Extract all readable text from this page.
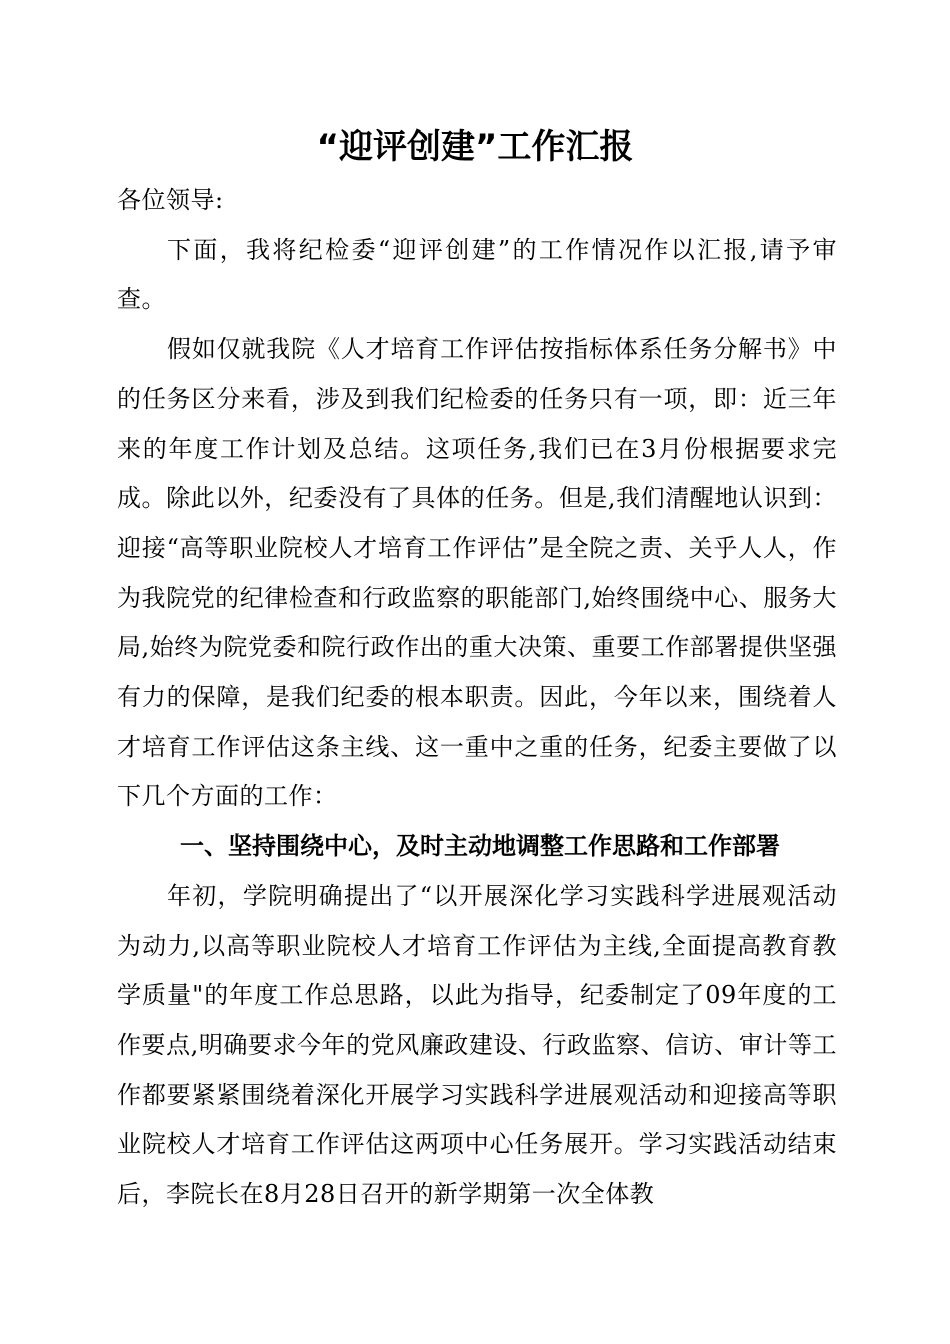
“迎评创建”工作汇报

各位领导:

下面，我将纪检委“迎评创建”的工作情况作以汇报,请予审查。

假如仅就我院《人才培育工作评估按指标体系任务分解书》中的任务区分来看，涉及到我们纪检委的任务只有一项，即：近三年来的年度工作计划及总结。这项任务,我们已在3月份根据要求完成。除此以外，纪委没有了具体的任务。但是,我们清醒地认识到：迎接“高等职业院校人才培育工作评估”是全院之责、关乎人人，作为我院党的纪律检查和行政监察的职能部门,始终围绕中心、服务大局,始终为院党委和院行政作出的重大决策、重要工作部署提供坚强有力的保障，是我们纪委的根本职责。因此，今年以来，围绕着人才培育工作评估这条主线、这一重中之重的任务，纪委主要做了以下几个方面的工作：

一、坚持围绕中心，及时主动地调整工作思路和工作部署

年初，学院明确提出了“以开展深化学习实践科学进展观活动为动力,以高等职业院校人才培育工作评估为主线,全面提高教育教学质量"的年度工作总思路，以此为指导，纪委制定了09年度的工作要点,明确要求今年的党风廉政建设、行政监察、信访、审计等工作都要紧紧围绕着深化开展学习实践科学进展观活动和迎接高等职业院校人才培育工作评估这两项中心任务展开。学习实践活动结束后，李院长在8月28日召开的新学期第一次全体教
